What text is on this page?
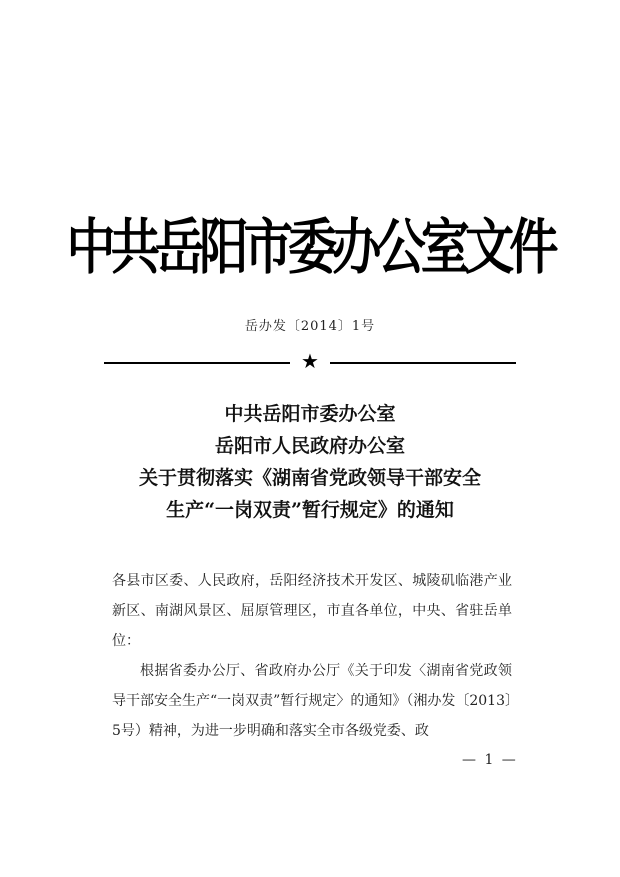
中共岳阳市委办公室文件
岳办发〔2014〕1号
★
中共岳阳市委办公室
岳阳市人民政府办公室
关于贯彻落实《湖南省党政领导干部安全
生产“一岗双责”暂行规定》的通知

各县市区委、人民政府，岳阳经济技术开发区、城陵矶临港产业新区、南湖风景区、屈原管理区，市直各单位，中央、省驻岳单位：

根据省委办公厅、省政府办公厅《关于印发〈湖南省党政领导干部安全生产“一岗双责”暂行规定〉的通知》（湘办发〔2013〕5号）精神，为进一步明确和落实全市各级党委、政

— 1 —
